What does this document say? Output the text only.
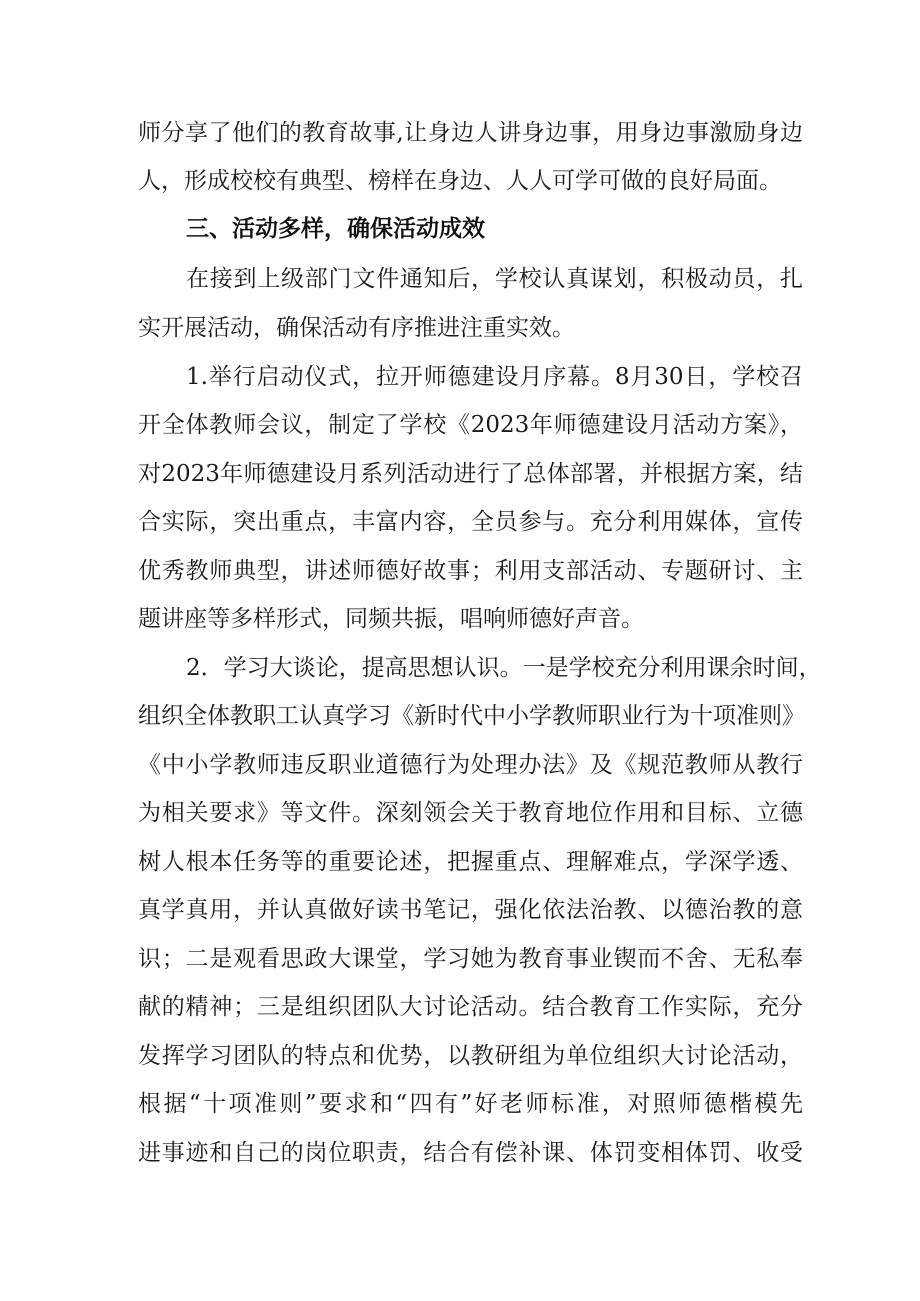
师分享了他们的教育故事,让身边人讲身边事，用身边事激励身边
人，形成校校有典型、榜样在身边、人人可学可做的良好局面。
三、活动多样，确保活动成效
在接到上级部门文件通知后，学校认真谋划，积极动员，扎
实开展活动，确保活动有序推进注重实效。
1.举行启动仪式，拉开师德建设月序幕。8月30日，学校召
开全体教师会议，制定了学校《2023年师德建设月活动方案》，
对2023年师德建设月系列活动进行了总体部署，并根据方案，结
合实际，突出重点，丰富内容，全员参与。充分利用媒体，宣传
优秀教师典型，讲述师德好故事；利用支部活动、专题研讨、主
题讲座等多样形式，同频共振，唱响师德好声音。
2．学习大谈论，提高思想认识。一是学校充分利用课余时间，
组织全体教职工认真学习《新时代中小学教师职业行为十项准则》
《中小学教师违反职业道德行为处理办法》及《规范教师从教行
为相关要求》等文件。深刻领会关于教育地位作用和目标、立德
树人根本任务等的重要论述，把握重点、理解难点，学深学透、
真学真用，并认真做好读书笔记，强化依法治教、以德治教的意
识；二是观看思政大课堂，学习她为教育事业锲而不舍、无私奉
献的精神；三是组织团队大讨论活动。结合教育工作实际，充分
发挥学习团队的特点和优势，以教研组为单位组织大讨论活动，
根据“十项准则”要求和“四有”好老师标准，对照师德楷模先
进事迹和自己的岗位职责，结合有偿补课、体罚变相体罚、收受
